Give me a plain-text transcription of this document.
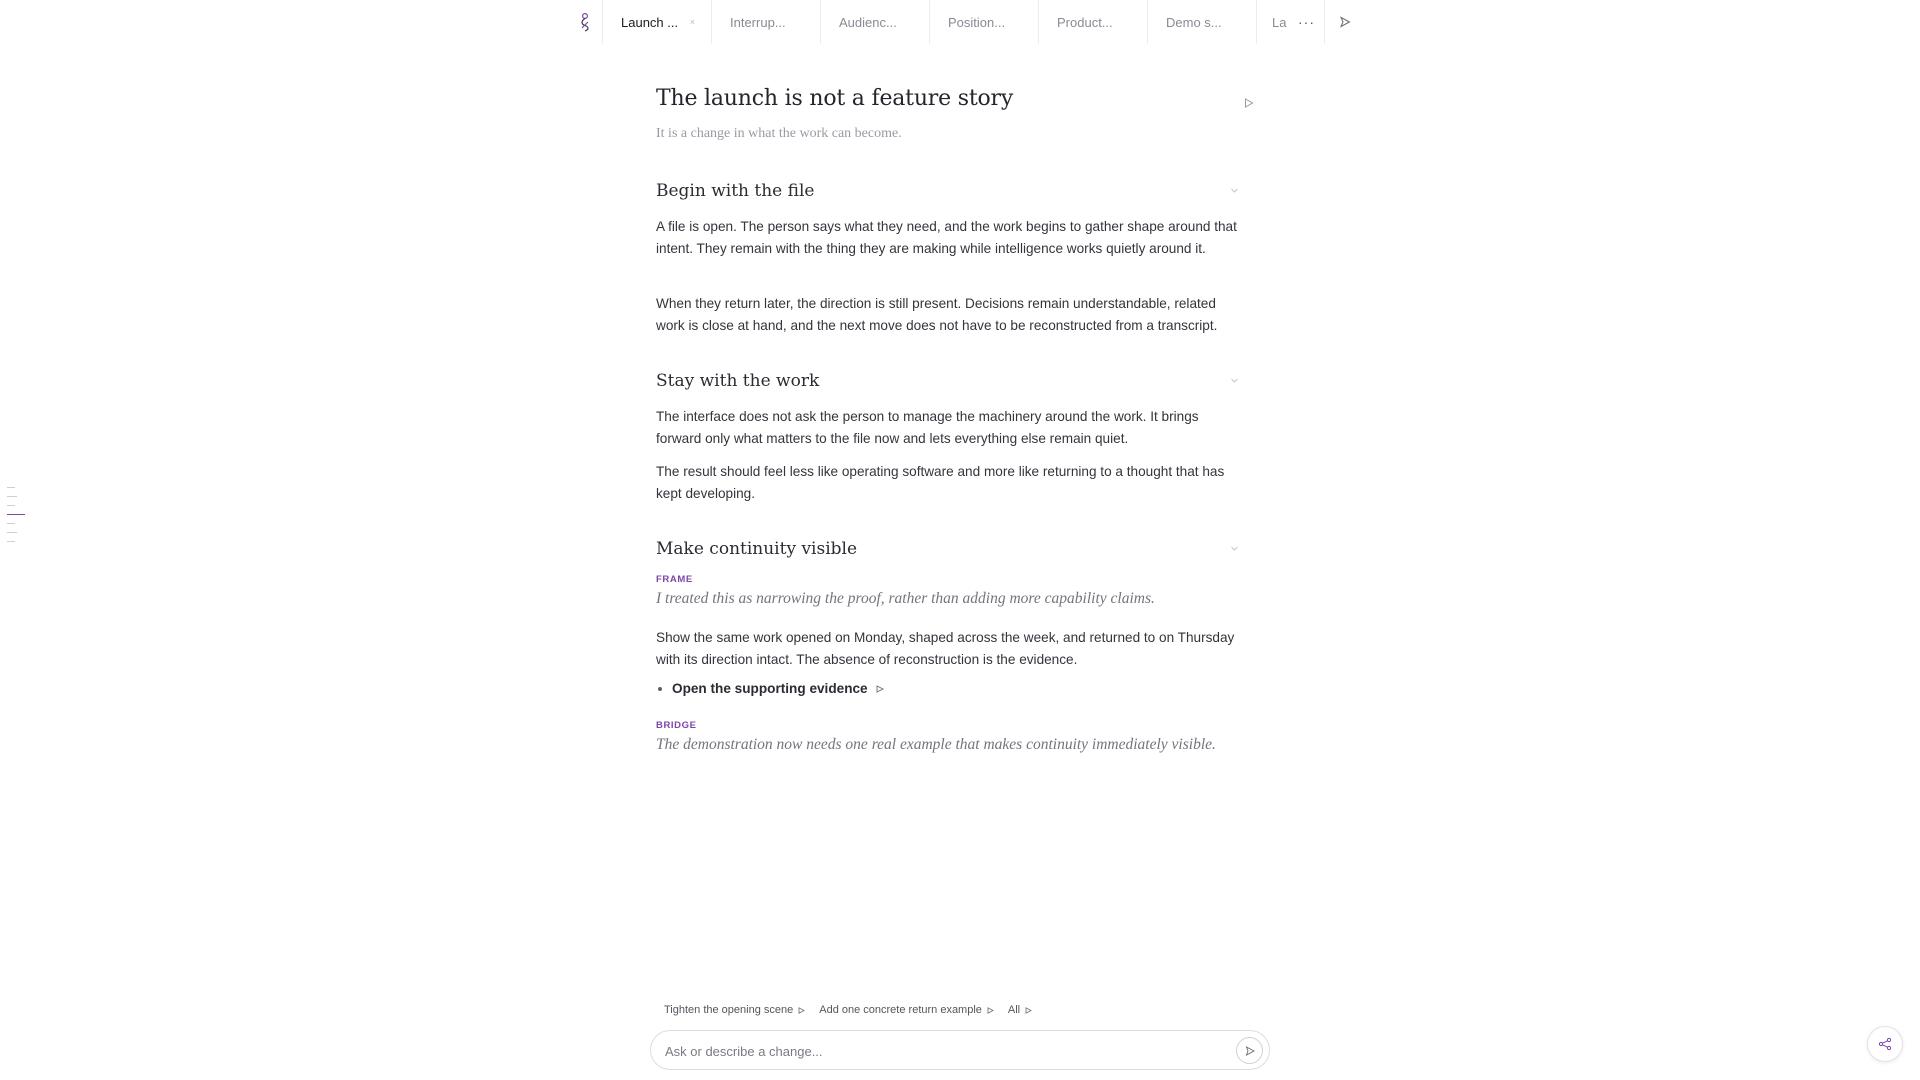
Launch ... ×	Interrup...	Audienc...	Position...	Product...	Demo s...	La ···
The launch is not a feature story

It is a change in what the work can become.

Begin with the file

A file is open. The person says what they need, and the work begins to gather shape around that intent. They remain with the thing they are making while intelligence works quietly around it.

When they return later, the direction is still present. Decisions remain understandable, related work is close at hand, and the next move does not have to be reconstructed from a transcript.

Stay with the work

The interface does not ask the person to manage the machinery around the work. It brings forward only what matters to the file now and lets everything else remain quiet.

The result should feel less like operating software and more like returning to a thought that has kept developing.

Make continuity visible
FRAME

I treated this as narrowing the proof, rather than adding more capability claims.

Show the same work opened on Monday, shaped across the week, and returned to on Thursday with its direction intact. The absence of reconstruction is the evidence.

Open the supporting evidence
BRIDGE

The demonstration now needs one real example that makes continuity immediately visible.

Tighten the opening scene Add one concrete return example All
Ask or describe a change...
